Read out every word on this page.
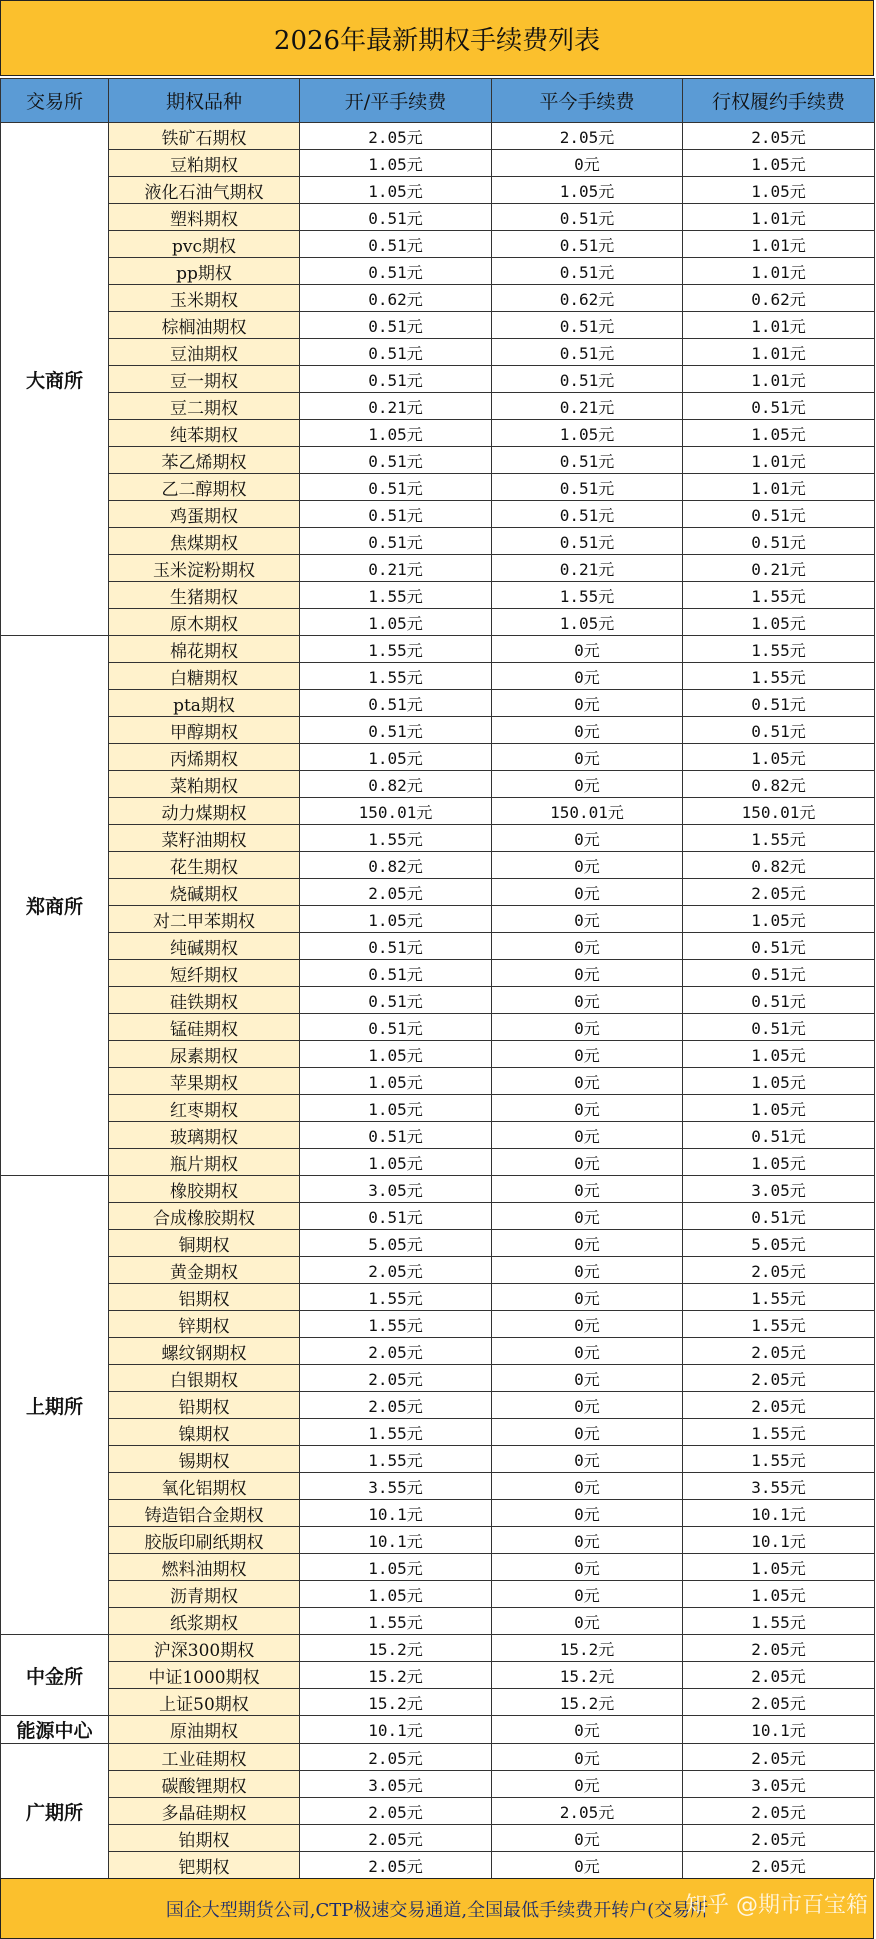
2026年最新期权手续费列表
交易所	期权品种	开/平手续费	平今手续费	行权履约手续费
大商所	铁矿石期权	2.05元	2.05元	2.05元
	豆粕期权	1.05元	0元	1.05元
	液化石油气期权	1.05元	1.05元	1.05元
	塑料期权	0.51元	0.51元	1.01元
	pvc期权	0.51元	0.51元	1.01元
	pp期权	0.51元	0.51元	1.01元
	玉米期权	0.62元	0.62元	0.62元
	棕榈油期权	0.51元	0.51元	1.01元
	豆油期权	0.51元	0.51元	1.01元
	豆一期权	0.51元	0.51元	1.01元
	豆二期权	0.21元	0.21元	0.51元
	纯苯期权	1.05元	1.05元	1.05元
	苯乙烯期权	0.51元	0.51元	1.01元
	乙二醇期权	0.51元	0.51元	1.01元
	鸡蛋期权	0.51元	0.51元	0.51元
	焦煤期权	0.51元	0.51元	0.51元
	玉米淀粉期权	0.21元	0.21元	0.21元
	生猪期权	1.55元	1.55元	1.55元
	原木期权	1.05元	1.05元	1.05元
郑商所	棉花期权	1.55元	0元	1.55元
	白糖期权	1.55元	0元	1.55元
	pta期权	0.51元	0元	0.51元
	甲醇期权	0.51元	0元	0.51元
	丙烯期权	1.05元	0元	1.05元
	菜粕期权	0.82元	0元	0.82元
	动力煤期权	150.01元	150.01元	150.01元
	菜籽油期权	1.55元	0元	1.55元
	花生期权	0.82元	0元	0.82元
	烧碱期权	2.05元	0元	2.05元
	对二甲苯期权	1.05元	0元	1.05元
	纯碱期权	0.51元	0元	0.51元
	短纤期权	0.51元	0元	0.51元
	硅铁期权	0.51元	0元	0.51元
	锰硅期权	0.51元	0元	0.51元
	尿素期权	1.05元	0元	1.05元
	苹果期权	1.05元	0元	1.05元
	红枣期权	1.05元	0元	1.05元
	玻璃期权	0.51元	0元	0.51元
	瓶片期权	1.05元	0元	1.05元
上期所	橡胶期权	3.05元	0元	3.05元
	合成橡胶期权	0.51元	0元	0.51元
	铜期权	5.05元	0元	5.05元
	黄金期权	2.05元	0元	2.05元
	铝期权	1.55元	0元	1.55元
	锌期权	1.55元	0元	1.55元
	螺纹钢期权	2.05元	0元	2.05元
	白银期权	2.05元	0元	2.05元
	铅期权	2.05元	0元	2.05元
	镍期权	1.55元	0元	1.55元
	锡期权	1.55元	0元	1.55元
	氧化铝期权	3.55元	0元	3.55元
	铸造铝合金期权	10.1元	0元	10.1元
	胶版印刷纸期权	10.1元	0元	10.1元
	燃料油期权	1.05元	0元	1.05元
	沥青期权	1.05元	0元	1.05元
	纸浆期权	1.55元	0元	1.55元
中金所	沪深300期权	15.2元	15.2元	2.05元
	中证1000期权	15.2元	15.2元	2.05元
	上证50期权	15.2元	15.2元	2.05元
能源中心	原油期权	10.1元	0元	10.1元
广期所	工业硅期权	2.05元	0元	2.05元
	碳酸锂期权	3.05元	0元	3.05元
	多晶硅期权	2.05元	2.05元	2.05元
	铂期权	2.05元	0元	2.05元
	钯期权	2.05元	0元	2.05元
国企大型期货公司,CTP极速交易通道,全国最低手续费开转户(交易所
知乎 @期市百宝箱
